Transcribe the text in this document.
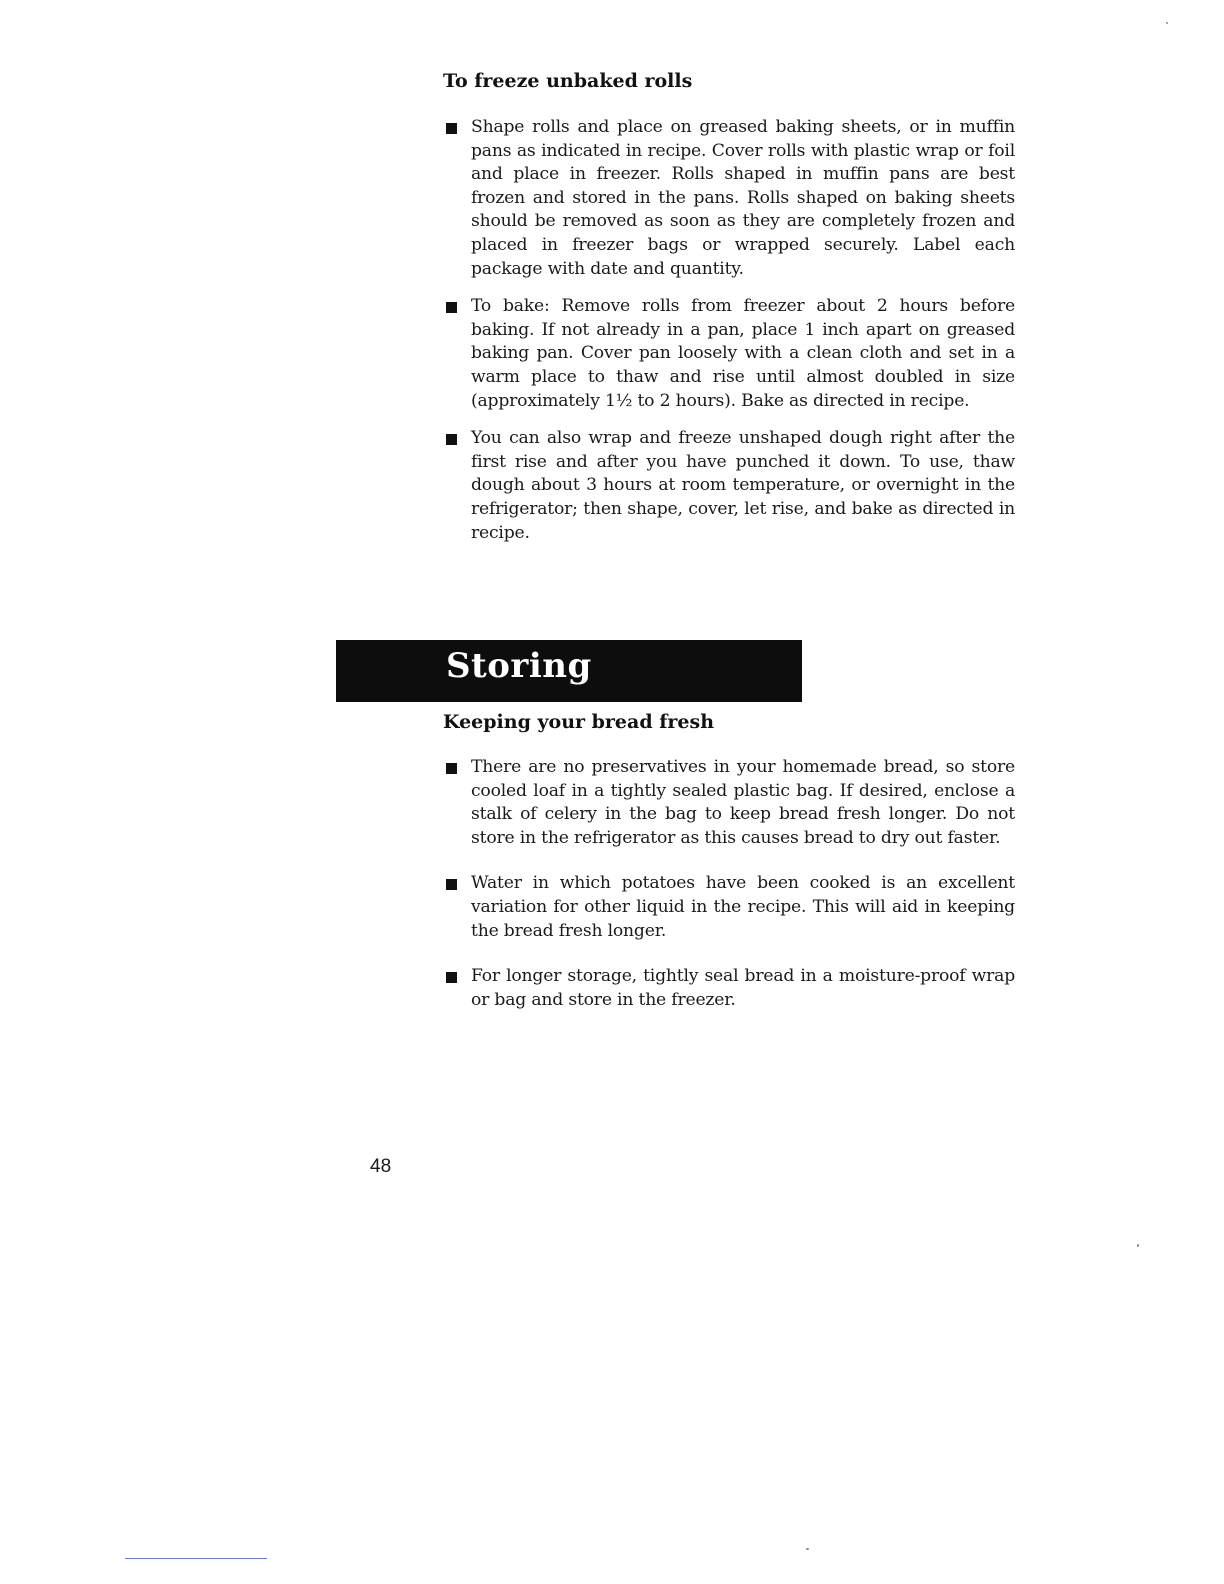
To freeze unbaked rolls
Shape rolls and place on greased baking sheets, or in muffin pans as indicated in recipe. Cover rolls with plastic wrap or foil and place in freezer. Rolls shaped in muffin pans are best frozen and stored in the pans. Rolls shaped on baking sheets should be removed as soon as they are completely frozen and placed in freezer bags or wrapped securely. Label each package with date and quantity.
To bake: Remove rolls from freezer about 2 hours before baking. If not already in a pan, place 1 inch apart on greased baking pan. Cover pan loosely with a clean cloth and set in a warm place to thaw and rise until almost doubled in size (approximately 1½ to 2 hours). Bake as directed in recipe.
You can also wrap and freeze unshaped dough right after the first rise and after you have punched it down. To use, thaw dough about 3 hours at room temperature, or overnight in the refrigerator; then shape, cover, let rise, and bake as directed in recipe.
Storing
Keeping your bread fresh
There are no preservatives in your homemade bread, so store cooled loaf in a tightly sealed plastic bag. If desired, enclose a stalk of celery in the bag to keep bread fresh longer. Do not store in the refrigerator as this causes bread to dry out faster.
Water in which potatoes have been cooked is an excellent variation for other liquid in the recipe. This will aid in keeping the bread fresh longer.
For longer storage, tightly seal bread in a moisture-proof wrap or bag and store in the freezer.
48
